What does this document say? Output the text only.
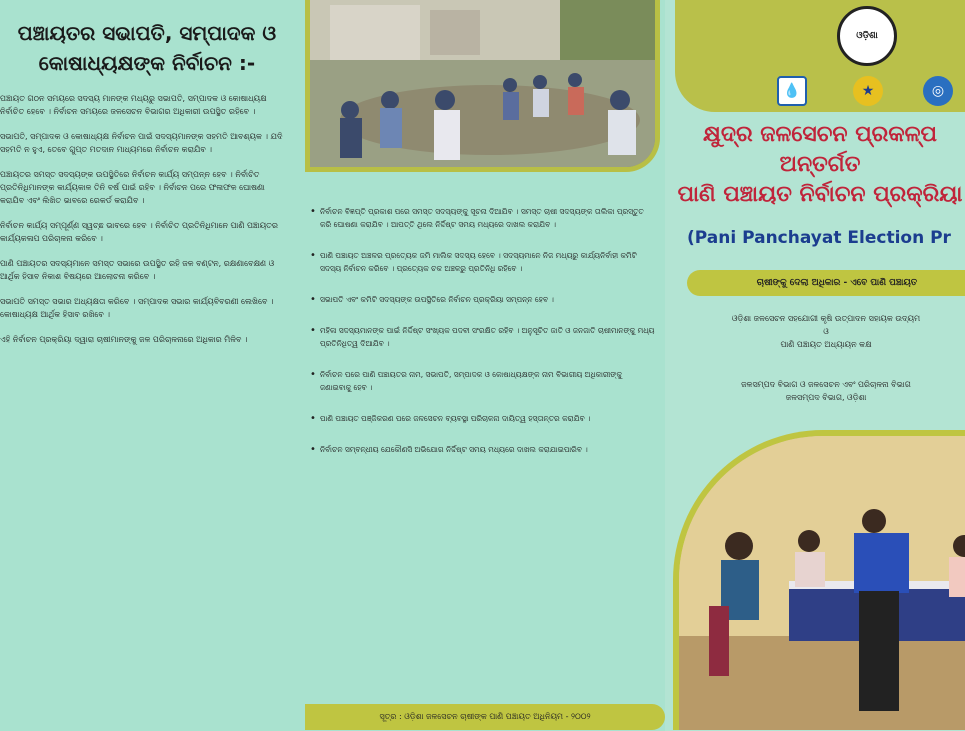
ପଞ୍ଚାୟତର ସଭାପତି, ସମ୍ପାଦକ ଓ
କୋଷାଧ୍ୟକ୍ଷଙ୍କ ନିର୍ବାଚନ :-

ପଞ୍ଚାୟତ ଗଠନ ସମୟରେ ସଦସ୍ୟ ମାନଙ୍କ ମଧ୍ୟରୁ ସଭାପତି, ସମ୍ପାଦକ ଓ କୋଷାଧ୍ୟକ୍ଷ ନିର୍ବାଚିତ ହେବେ । ନିର୍ବାଚନ ସମୟରେ ଜଳସେଚନ ବିଭାଗର ଅଧିକାରୀ ଉପସ୍ଥିତ ରହିବେ ।

ସଭାପତି, ସମ୍ପାଦକ ଓ କୋଷାଧ୍ୟକ୍ଷ ନିର୍ବାଚନ ପାଇଁ ସଦସ୍ୟମାନଙ୍କ ସହମତି ଆବଶ୍ୟକ । ଯଦି ସହମତି ନ ହୁଏ, ତେବେ ଗୁପ୍ତ ମତଦାନ ମାଧ୍ୟମରେ ନିର୍ବାଚନ କରାଯିବ ।

ପଞ୍ଚାୟତର ସମସ୍ତ ସଦସ୍ୟଙ୍କ ଉପସ୍ଥିତିରେ ନିର୍ବାଚନ କାର୍ଯ୍ୟ ସମ୍ପନ୍ନ ହେବ । ନିର୍ବାଚିତ ପ୍ରତିନିଧିମାନଙ୍କ କାର୍ଯ୍ୟକାଳ ତିନି ବର୍ଷ ପାଇଁ ରହିବ । ନିର୍ବାଚନ ପରେ ଫଳାଫଳ ଘୋଷଣା କରାଯିବ ଏବଂ ଲିଖିତ ଭାବରେ ରେକର୍ଡ କରାଯିବ ।

ନିର୍ବାଚନ କାର୍ଯ୍ୟ ସମ୍ପୂର୍ଣ୍ଣ ସ୍ୱଚ୍ଛ ଭାବରେ ହେବ । ନିର୍ବାଚିତ ପ୍ରତିନିଧିମାନେ ପାଣି ପଞ୍ଚାୟତର କାର୍ଯ୍ୟକଳାପ ପରିଚାଳନା କରିବେ ।

ପାଣି ପଞ୍ଚାୟତର ସଦସ୍ୟମାନେ ସମସ୍ତ ସଭାରେ ଉପସ୍ଥିତ ରହି ଜଳ ବଣ୍ଟନ, ରକ୍ଷଣାବେକ୍ଷଣ ଓ ଆର୍ଥିକ ହିସାବ ନିକାଶ ବିଷୟରେ ଆଲୋଚନା କରିବେ ।

ସଭାପତି ସମସ୍ତ ସଭାର ଅଧ୍ୟକ୍ଷତା କରିବେ । ସମ୍ପାଦକ ସଭାର କାର୍ଯ୍ୟବିବରଣୀ ଲେଖିବେ । କୋଷାଧ୍ୟକ୍ଷ ଆର୍ଥିକ ହିସାବ ରଖିବେ ।

ଏହି ନିର୍ବାଚନ ପ୍ରକ୍ରିୟା ଦ୍ୱାରା ଚାଷୀମାନଙ୍କୁ ଜଳ ପରିଚାଳନାରେ ଅଧିକାର ମିଳିବ ।

• ନିର୍ବାଚନ ବିଜ୍ଞପ୍ତି ପ୍ରକାଶ ପରେ ସମସ୍ତ ସଦସ୍ୟଙ୍କୁ ସୂଚନା ଦିଆଯିବ । ସମସ୍ତ ଚାଷୀ ସଦସ୍ୟଙ୍କ ତାଲିକା ପ୍ରସ୍ତୁତ କରି ଘୋଷଣା କରାଯିବ । ଆପତ୍ତି ଥିଲେ ନିର୍ଦ୍ଦିଷ୍ଟ ସମୟ ମଧ୍ୟରେ ଦାଖଲ କରାଯିବ ।
• ପାଣି ପଞ୍ଚାୟତ ଅଞ୍ଚଳର ପ୍ରତ୍ୟେକ ଜମି ମାଲିକ ସଦସ୍ୟ ହେବେ । ସଦସ୍ୟମାନେ ନିଜ ମଧ୍ୟରୁ କାର୍ଯ୍ୟନିର୍ବାହୀ କମିଟି ସଦସ୍ୟ ନିର୍ବାଚନ କରିବେ । ପ୍ରତ୍ୟେକ ଚକ ଅଞ୍ଚଳରୁ ପ୍ରତିନିଧି ରହିବେ ।
• ସଭାପତି ଏବଂ କମିଟି ସଦସ୍ୟଙ୍କ ଉପସ୍ଥିତିରେ ନିର୍ବାଚନ ପ୍ରକ୍ରିୟା ସମ୍ପନ୍ନ ହେବ ।
• ମହିଳା ସଦସ୍ୟମାନଙ୍କ ପାଇଁ ନିର୍ଦ୍ଦିଷ୍ଟ ସଂଖ୍ୟକ ପଦବୀ ସଂରକ୍ଷିତ ରହିବ । ଅନୁସୂଚିତ ଜାତି ଓ ଜନଜାତି ଚାଷୀମାନଙ୍କୁ ମଧ୍ୟ ପ୍ରତିନିଧିତ୍ୱ ଦିଆଯିବ ।
• ନିର୍ବାଚନ ପରେ ପାଣି ପଞ୍ଚାୟତର ନାମ, ସଭାପତି, ସମ୍ପାଦକ ଓ କୋଷାଧ୍ୟକ୍ଷଙ୍କ ନାମ ବିଭାଗୀୟ ଅଧିକାରୀଙ୍କୁ ଜଣାଇବାକୁ ହେବ ।
• ପାଣି ପଞ୍ଚାୟତ ପଞ୍ଜିକରଣ ପରେ ଜଳସେଚନ ବ୍ୟବସ୍ଥା ପରିଚାଳନା ଦାୟିତ୍ୱ ହସ୍ତାନ୍ତର କରାଯିବ ।
• ନିର୍ବାଚନ ସମ୍ବନ୍ଧୀୟ ଯେକୌଣସି ଅଭିଯୋଗ ନିର୍ଦ୍ଦିଷ୍ଟ ସମୟ ମଧ୍ୟରେ ଦାଖଲ କରାଯାଇପାରିବ ।
ସୂତ୍ର : ଓଡ଼ିଶା ଜଳସେଚନ ଚାଷୀଙ୍କ ପାଣି ପଞ୍ଚାୟତ ଅଧିନିୟମ - ୨୦୦୨
ଓଡ଼ିଶା
💧	★	◎
କ୍ଷୁଦ୍ର ଜଳସେଚନ ପ୍ରକଳ୍ପ
ଅନ୍ତର୍ଗତ
ପାଣି ପଞ୍ଚାୟତ ନିର୍ବାଚନ ପ୍ରକ୍ରିୟା
(Pani Panchayat Election Pr
ଚାଷୀଙ୍କୁ ଦେଲା ଅଧିକାର - ଏବେ ପାଣି ପଞ୍ଚାୟତ
ଓଡ଼ିଶା ଜଳସେଚନ ସହଯୋଗୀ କୃଷି ଉତ୍ପାଦନ ସହାୟକ ଉଦ୍ୟମ
ଓ
ପାଣି ପଞ୍ଚାୟତ ଅଧ୍ୟାୟନ କକ୍ଷ
ଜଳସମ୍ପଦ ବିଭାଗ ଓ ଜଳସେଚନ ଏବଂ ପରିଚାଳନା ବିଭାଗ
ଜଳସମ୍ପଦ ବିଭାଗ, ଓଡ଼ିଶା
